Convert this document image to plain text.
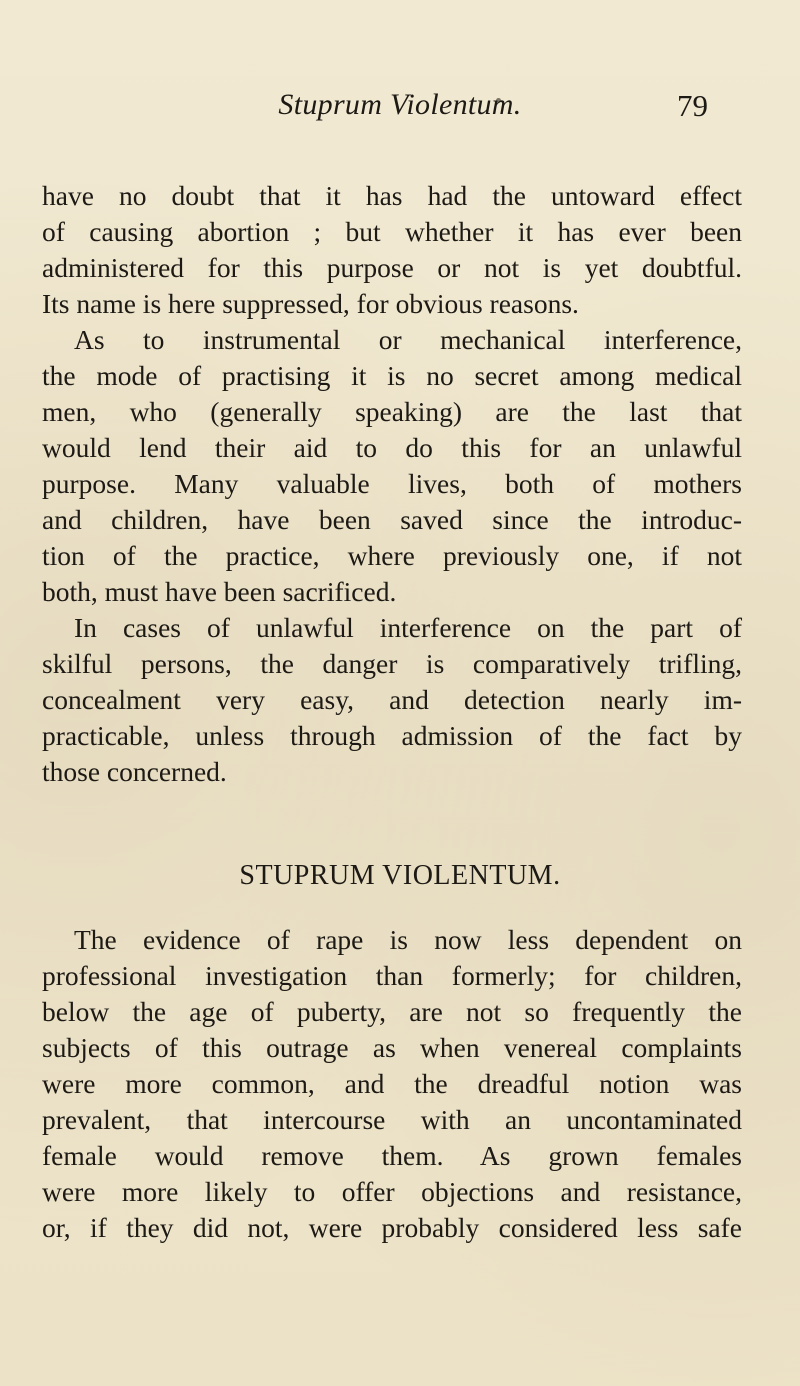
Stuprum Violentum.	79
have no doubt that it has had the untoward effect
of causing abortion ; but whether it has ever been
administered for this purpose or not is yet doubtful.
Its name is here suppressed, for obvious reasons.
As to instrumental or mechanical interference,
the mode of practising it is no secret among medical
men, who (generally speaking) are the last that
would lend their aid to do this for an unlawful
purpose. Many valuable lives, both of mothers
and children, have been saved since the introduc-
tion of the practice, where previously one, if not
both, must have been sacrificed.
In cases of unlawful interference on the part of
skilful persons, the danger is comparatively trifling,
concealment very easy, and detection nearly im-
practicable, unless through admission of the fact by
those concerned.
STUPRUM VIOLENTUM.
The evidence of rape is now less dependent on
professional investigation than formerly; for children,
below the age of puberty, are not so frequently the
subjects of this outrage as when venereal complaints
were more common, and the dreadful notion was
prevalent, that intercourse with an uncontaminated
female would remove them. As grown females
were more likely to offer objections and resistance,
or, if they did not, were probably considered less safe
